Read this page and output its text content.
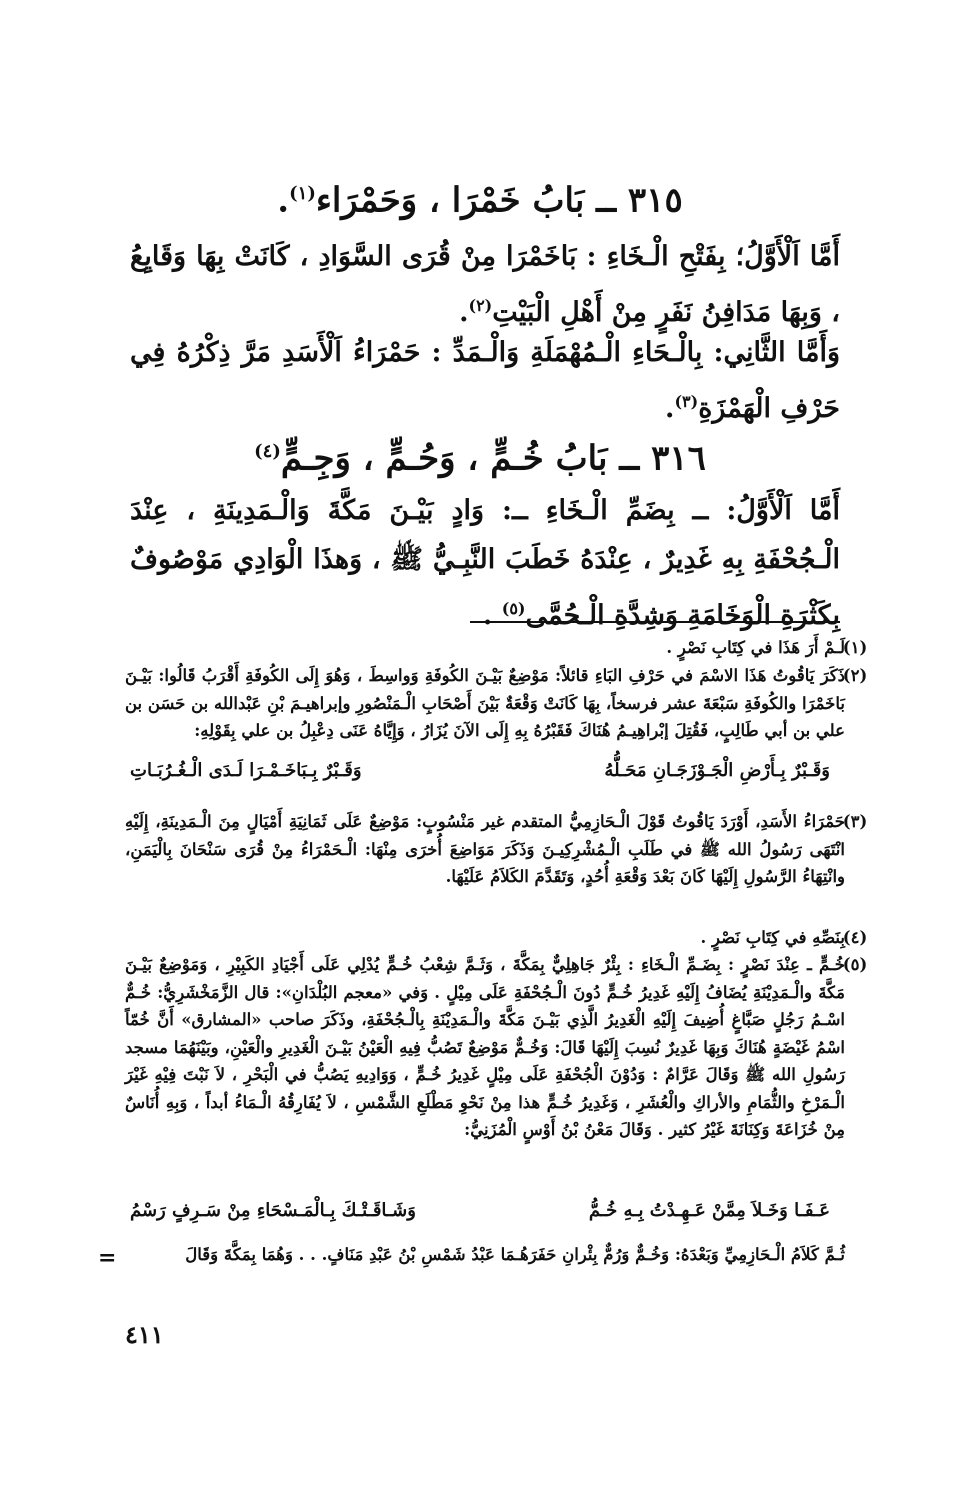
٣١٥ ــ بَابُ خَمْرَا ، وَحَمْرَاء$^{(١)}$.
أَمَّا اَلْأَوَّلُ؛ بِفَتْحِ الْـخَاءِ : بَاخَمْرَا مِنْ قُرَى السَّوَادِ ، كَانَتْ بِهَا وَقَايِعُ ، وَبِهَا مَدَافِنُ نَفَرٍ مِنْ أَهْلِ الْبَيْتِ$^{(٢)}$.
وَأَمَّا الثَّانِي: بِالْـحَاءِ الْـمُهْمَلَةِ وَالْـمَدِّ : حَمْرَاءُ اَلْأَسَدِ مَرَّ ذِكْرُهُ فِي حَرْفِ الْهَمْزَةِ$^{(٣)}$.
٣١٦ ــ بَابُ خُـمٍّ ، وَحُـمٍّ ، وَجِـمٍّ$^{(٤)}$
أَمَّا اَلْأَوَّلُ: ــ بِضَمِّ الْـخَاءِ ــ: وَادٍ بَيْـنَ مَكَّةَ وَالْـمَدِينَةِ ، عِنْدَ الْـجُحْفَةِ بِهِ غَدِيرٌ ، عِنْدَهُ خَطَبَ النَّبِـيُّ ﷺ ، وَهذَا الْوَادِي مَوْصُوفٌ بِكَثْرَةِ الْوَخَامَةِ وَشِدَّةِ الْـحُمَّى$^{(٥)}$ .
(١)
لَـمْ أَرَ هَذَا في كِتَابِ نَصْرٍ .
(٢)
ذَكَرَ يَاقُوتُ هَذَا الاسْمَ في حَرْفِ البَاءِ قائلاً: مَوْضِعٌ بَيْـنَ الكُوفَةِ وَواسِطَ ، وَهُوَ إِلَى الكُوفَةِ أَقْرَبُ قَالُوا: بَيْـنَ بَاخَمْرَا والكُوفَةِ سَبْعَةَ عشر فرسخاً، بِهَا كَانَتْ وَقْعَةٌ بَيْنَ أَصْحَابِ الْـمَنْصُورِ وإبراهيـمَ بْنِ عَبْدالله بن حَسَن بن علي بن أبي طَالِبٍ، فَقُتِلَ إبْراهِيـمُ هُنَاكَ فَقَبْرُهُ بِهِ إِلَى الآنَ يُزَارُ ، وَإِيَّاهُ عَنَى دِعْبِلُ بن علي بِقَوْلِهِ:
وَقَـبْرٌ بِـأَرْضِ الْجَـوْزَجَـانِ مَحَـلُّهُ
وَقَـبْرٌ بِـبَاخَـمْـرَا لَـدَى الْـغُـرُبَـاتِ
(٣)
حَمْرَاءُ الأَسَدِ، أَوْرَدَ يَاقُوتُ قَوْلَ الْـحَازِمِيُّ المتقدم غير مَنْسُوبٍ: مَوْضِعٌ عَلَى ثَمَانِيَةِ أَمْيَالٍ مِنَ الْـمَدِينَةِ، إِلَيْهِ انْتَهَى رَسُولُ الله ﷺ في طَلَبِ الْـمُشْرِكِيـنَ وَذَكَرَ مَوَاضِعَ أُخرَى مِنْهَا: الْـحَمْرَاءُ مِنْ قُرَى سَنْحَانَ بِالْيَمَنِ، وانْتِهَاءُ الرَّسُولِ إِلَيْهَا كَانَ بَعْدَ وَقْعَةِ أُحُدٍ، وَتَقَدَّمَ الكَلاَمُ عَلَيْهَا.
(٤)
بِنَصِّهِ في كِتَابِ نَصْرٍ .
(٥)
خُـمٍّ ـ عِنْدَ نَصْرٍ : بِضَـمِّ الْـخَاءِ : بِئْرٌ جَاهِلِيٌّ بِمَكَّةَ ، وَثَـمَّ شِعْبُ خُـمٍّ يُدْلِي عَلَى أَجْيَادِ الكَبِيْرِ ، وَمَوْضِعٌ بَيْـنَ مَكَّةَ والْـمَدِيْنَةِ يُضَافُ إِلَيْهِ غَدِيرُ خُـمٍّ دُونَ الْـجُحْفَةِ عَلَى مِيْلٍ . وَفي «معجم البُلْدَانِ»: قال الزَّمَخْشَرِيُّ: خُـمٌّ اسْـمُ رَجُلٍ صَبَّاغٍ أُضِيفَ إِلَيْهِ الْغَدِيرُ الَّذِي بَيْـنَ مَكَّةَ والْـمَدِيْنَةِ بِالْـجُحْفَةِ، وذَكَرَ صاحب «المشارق» أَنَّ خُمّاً اسْمُ غَيْضَةٍ هُنَاكَ وَبِهَا غَدِيرٌ نُسِبَ إِلَيْهَا قَالَ: وَخُـمٌّ مَوْضِعٌ تَصُبُّ فِيهِ الْعَيْنُ بَيْـنَ الْغَدِيرِ والْعَيْنِ، وبَيْنَهُمَا مسجد رَسُولِ الله ﷺ وَقَالَ عَرَّامٌ : وَدُوْنَ الْجُحْفَةِ عَلَى مِيْلٍ غَدِيرُ خُـمٍّ ، وَوَادِيهِ يَصُبُّ في الْبَحْرِ ، لاَ نَبْتَ فِيْهِ غَيْرَ الْـمَرْخِ والثُّمَامِ والأراكِ والْعُشَرِ ، وَغَدِيرُ خُـمٍّ هذا مِنْ نَحْوِ مَطْلَعِ الشَّمْسِ ، لاَ يُفَارِقُهُ الْـمَاءُ أبداً ، وَبِهِ أُنَاسٌ مِنْ خُزَاعَةَ وَكِنَانَةَ غَيْرُ كثير . وَقَالَ مَعْنُ بْنُ أَوْسٍ الْمُزَنِيُّ:
عَـفَـا وَخَـلاَ مِمَّنْ عَـهِـدْتُ بِـهِ خُـمُّ
وَشَـاقَـتْـكَ بِـالْمَـسْحَاءِ مِنْ سَـرِفٍ رَسْمُ
ثُـمَّ كَلاَمُ الْـحَازِمِيِّ وَبَعْدَهُ: وَخُـمٌّ وَرُمٌّ بِئْرانِ حَفَرَهُـمَا عَبْدُ شَمْسِ بْنُ عَبْدِ مَنَافٍ. . . وَهُمَا بِمَكَّةَ وَقَالَ
=
٤١١
